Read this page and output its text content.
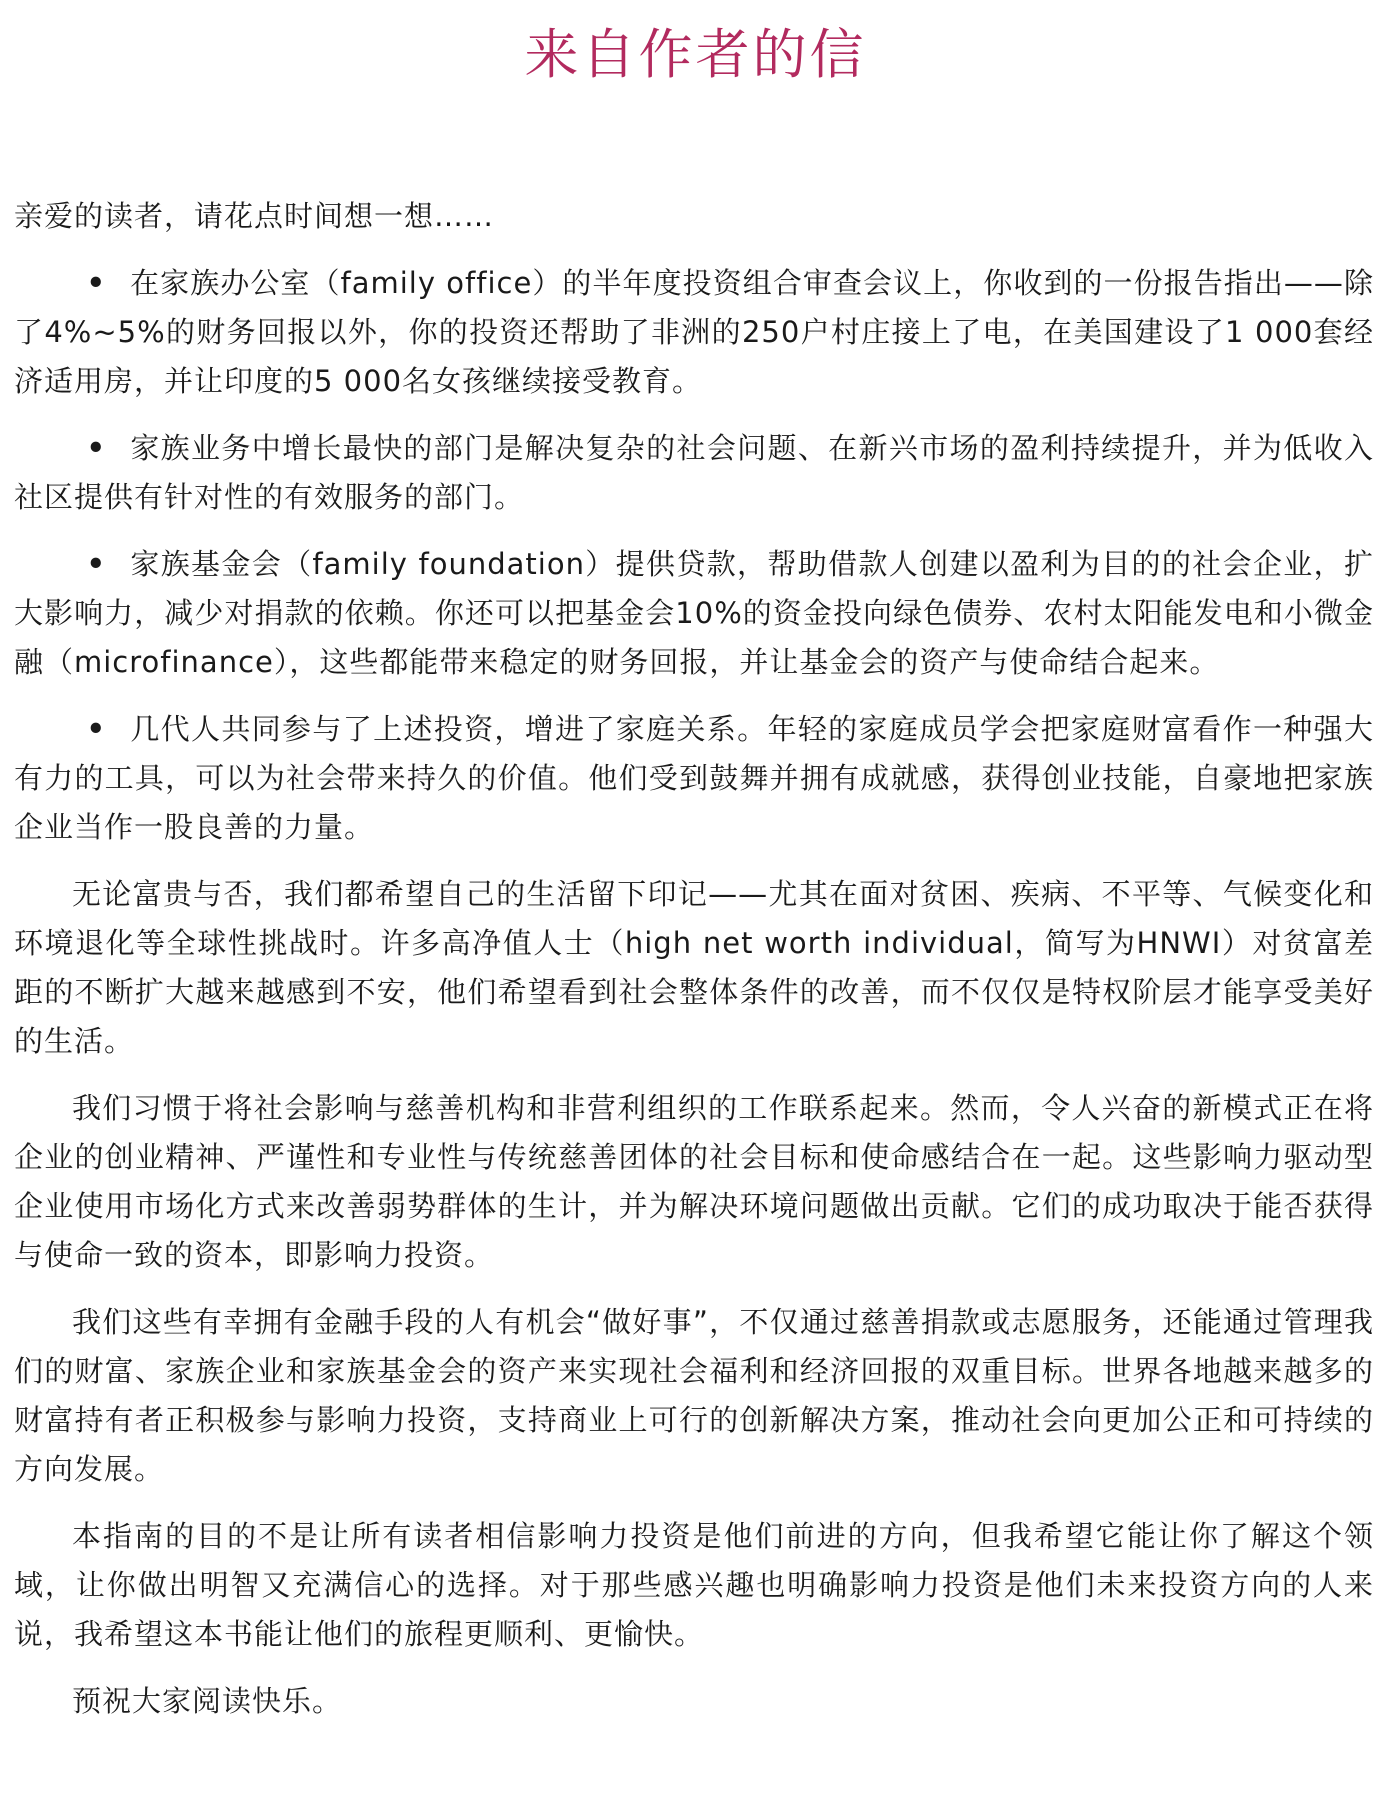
来自作者的信

亲爱的读者，请花点时间想一想……

• 在家族办公室（family office）的半年度投资组合审查会议上，你收到的一份报告指出——除了4%~5%的财务回报以外，你的投资还帮助了非洲的250户村庄接上了电，在美国建设了1 000套经济适用房，并让印度的5 000名女孩继续接受教育。

• 家族业务中增长最快的部门是解决复杂的社会问题、在新兴市场的盈利持续提升，并为低收入社区提供有针对性的有效服务的部门。

• 家族基金会（family foundation）提供贷款，帮助借款人创建以盈利为目的的社会企业，扩大影响力，减少对捐款的依赖。你还可以把基金会10%的资金投向绿色债券、农村太阳能发电和小微金融（microfinance），这些都能带来稳定的财务回报，并让基金会的资产与使命结合起来。

• 几代人共同参与了上述投资，增进了家庭关系。年轻的家庭成员学会把家庭财富看作一种强大有力的工具，可以为社会带来持久的价值。他们受到鼓舞并拥有成就感，获得创业技能，自豪地把家族企业当作一股良善的力量。

无论富贵与否，我们都希望自己的生活留下印记——尤其在面对贫困、疾病、不平等、气候变化和环境退化等全球性挑战时。许多高净值人士（high net worth individual，简写为HNWI）对贫富差距的不断扩大越来越感到不安，他们希望看到社会整体条件的改善，而不仅仅是特权阶层才能享受美好的生活。

我们习惯于将社会影响与慈善机构和非营利组织的工作联系起来。然而，令人兴奋的新模式正在将企业的创业精神、严谨性和专业性与传统慈善团体的社会目标和使命感结合在一起。这些影响力驱动型企业使用市场化方式来改善弱势群体的生计，并为解决环境问题做出贡献。它们的成功取决于能否获得与使命一致的资本，即影响力投资。

我们这些有幸拥有金融手段的人有机会“做好事”，不仅通过慈善捐款或志愿服务，还能通过管理我们的财富、家族企业和家族基金会的资产来实现社会福利和经济回报的双重目标。世界各地越来越多的财富持有者正积极参与影响力投资，支持商业上可行的创新解决方案，推动社会向更加公正和可持续的方向发展。

本指南的目的不是让所有读者相信影响力投资是他们前进的方向，但我希望它能让你了解这个领域，让你做出明智又充满信心的选择。对于那些感兴趣也明确影响力投资是他们未来投资方向的人来说，我希望这本书能让他们的旅程更顺利、更愉快。

预祝大家阅读快乐。
